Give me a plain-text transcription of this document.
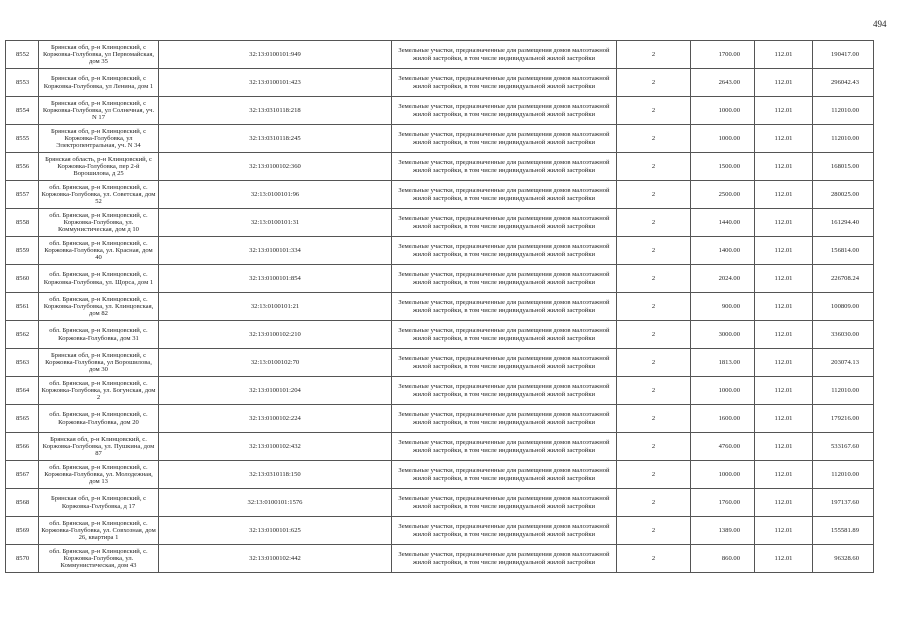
494
8552	Брянская обл, р-н Клинцовский, с Коржовка-Голубовка, ул Первомайская, дом 35	32:13:0100101:949	Земельные участки, предназначенные для размещения домов малоэтажной жилой застройки, в том числе индивидуальной жилой застройки	2	1700.00	112.01	190417.00
8553	Брянская обл, р-н Клинцовский, с Коржовка-Голубовка, ул Ленина, дом 1	32:13:0100101:423	Земельные участки, предназначенные для размещения домов малоэтажной жилой застройки, в том числе индивидуальной жилой застройки	2	2643.00	112.01	296042.43
8554	Брянская обл, р-н Клинцовский, с Коржовка-Голубовка, ул Солнечная, уч. N 17	32:13:0310118:218	Земельные участки, предназначенные для размещения домов малоэтажной жилой застройки, в том числе индивидуальной жилой застройки	2	1000.00	112.01	112010.00
8555	Брянская обл, р-н Клинцовский, с Коржовка-Голубовка, ул Электропентральная, уч. N 34	32:13:0310118:245	Земельные участки, предназначенные для размещения домов малоэтажной жилой застройки, в том числе индивидуальной жилой застройки	2	1000.00	112.01	112010.00
8556	Брянская область, р-н Клинцовский, с Коржовка-Голубовка, пер 2-й Ворошилова, д 25	32:13:0100102:360	Земельные участки, предназначенные для размещения домов малоэтажной жилой застройки, в том числе индивидуальной жилой застройки	2	1500.00	112.01	168015.00
8557	обл. Брянская, р-н Клинцовский, с. Коржовка-Голубовка, ул. Советская, дом 52	32:13:0100101:96	Земельные участки, предназначенные для размещения домов малоэтажной жилой застройки, в том числе индивидуальной жилой застройки	2	2500.00	112.01	280025.00
8558	обл. Брянская, р-н Клинцовский, с. Коржовка-Голубовка, ул. Коммунистическая, дом д 10	32:13:0100101:31	Земельные участки, предназначенные для размещения домов малоэтажной жилой застройки, в том числе индивидуальной жилой застройки	2	1440.00	112.01	161294.40
8559	обл. Брянская, р-н Клинцовский, с. Коржовка-Голубовка, ул. Красная, дом 40	32:13:0100101:334	Земельные участки, предназначенные для размещения домов малоэтажной жилой застройки, в том числе индивидуальной жилой застройки	2	1400.00	112.01	156814.00
8560	обл. Брянская, р-н Клинцовский, с. Коржовка-Голубовка, ул. Щорса, дом 1	32:13:0100101:854	Земельные участки, предназначенные для размещения домов малоэтажной жилой застройки, в том числе индивидуальной жилой застройки	2	2024.00	112.01	226708.24
8561	обл. Брянская, р-н Клинцовский, с. Коржовка-Голубовка, ул. Клинцовская, дом 82	32:13:0100101:21	Земельные участки, предназначенные для размещения домов малоэтажной жилой застройки, в том числе индивидуальной жилой застройки	2	900.00	112.01	100809.00
8562	обл. Брянская, р-н Клинцовский, с. Коржовка-Голубовка, дом 31	32:13:0100102:210	Земельные участки, предназначенные для размещения домов малоэтажной жилой застройки, в том числе индивидуальной жилой застройки	2	3000.00	112.01	336030.00
8563	Брянская обл, р-н Клинцовский, с Коржовка-Голубовка, ул Ворошилова, дом 30	32:13:0100102:70	Земельные участки, предназначенные для размещения домов малоэтажной жилой застройки, в том числе индивидуальной жилой застройки	2	1813.00	112.01	203074.13
8564	обл. Брянская, р-н Клинцовский, с. Коржовка-Голубовка, ул. Богунская, дом 2	32:13:0100101:204	Земельные участки, предназначенные для размещения домов малоэтажной жилой застройки, в том числе индивидуальной жилой застройки	2	1000.00	112.01	112010.00
8565	обл. Брянская, р-н Клинцовский, с. Коржовка-Голубовка, дом 20	32:13:0100102:224	Земельные участки, предназначенные для размещения домов малоэтажной жилой застройки, в том числе индивидуальной жилой застройки	2	1600.00	112.01	179216.00
8566	Брянская обл, р-н Клинцовский, с. Коржовка-Голубовка, ул. Пушкина, дом 87	32:13:0100102:432	Земельные участки, предназначенные для размещения домов малоэтажной жилой застройки, в том числе индивидуальной жилой застройки	2	4760.00	112.01	533167.60
8567	обл. Брянская, р-н Клинцовский, с. Коржовка-Голубовка, ул. Молодежная, дом 13	32:13:0310118:150	Земельные участки, предназначенные для размещения домов малоэтажной жилой застройки, в том числе индивидуальной жилой застройки	2	1000.00	112.01	112010.00
8568	Брянская обл, р-н Клинцовский, с Коржовка-Голубовка, д 17	32:13:0100101:1576	Земельные участки, предназначенные для размещения домов малоэтажной жилой застройки, в том числе индивидуальной жилой застройки	2	1760.00	112.01	197137.60
8569	обл. Брянская, р-н Клинцовский, с. Коржовка-Голубовка, ул. Совхозная, дом 26, квартира 1	32:13:0100101:625	Земельные участки, предназначенные для размещения домов малоэтажной жилой застройки, в том числе индивидуальной жилой застройки	2	1389.00	112.01	155581.89
8570	обл. Брянская, р-н Клинцовский, с. Коржовка-Голубовка, ул. Коммунистическая, дом 43	32:13:0100102:442	Земельные участки, предназначенные для размещения домов малоэтажной жилой застройки, в том числе индивидуальной жилой застройки	2	860.00	112.01	96328.60
